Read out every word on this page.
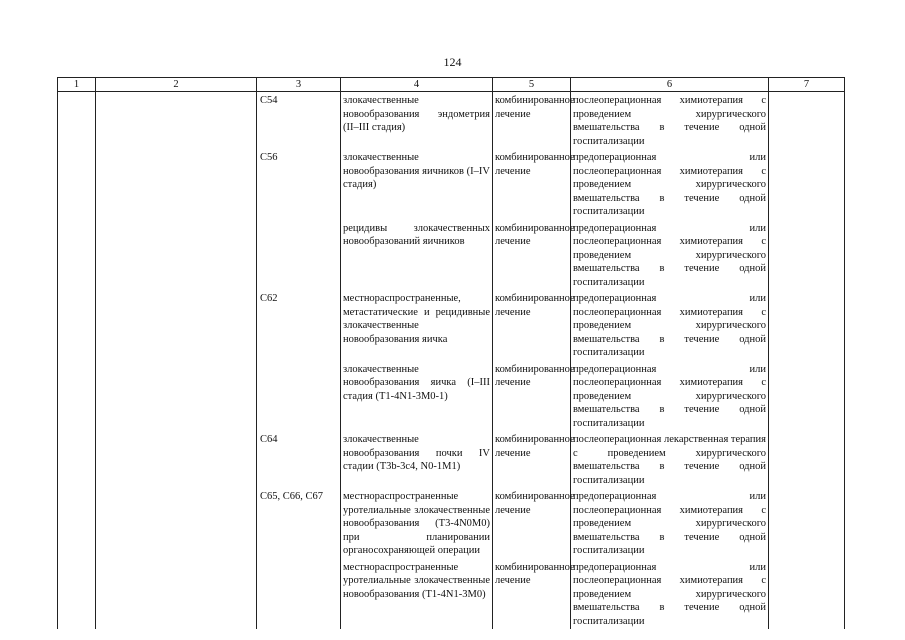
124
1	2	3	4	5	6	7
		C54	злокачественные новообразования эндометрия (II–III стадия)	комбинированное лечение	послеоперационная химиотерапия с проведением хирургического вмешательства в течение одной госпитализации	
		C56	злокачественные новообразования яичников (I–IV стадия)	комбинированное лечение	предоперационная или послеоперационная химиотерапия с проведением хирургического вмешательства в течение одной госпитализации	
			рецидивы злокачественных новообразований яичников	комбинированное лечение	предоперационная или послеоперационная химиотерапия с проведением хирургического вмешательства в течение одной госпитализации	
		C62	местнораспространенные, метастатические и рецидивные злокачественные новообразования яичка	комбинированное лечение	предоперационная или послеоперационная химиотерапия с проведением хирургического вмешательства в течение одной госпитализации	
			злокачественные новообразования яичка (I–III стадия (T1-4N1-3M0-1)	комбинированное лечение	предоперационная или послеоперационная химиотерапия с проведением хирургического вмешательства в течение одной госпитализации	
		C64	злокачественные новообразования почки IV стадии (T3b-3c4, N0-1M1)	комбинированное лечение	послеоперационная лекарственная терапия с проведением хирургического вмешательства в течение одной госпитализации	
		C65, C66, C67	местнораспространенные уротелиальные злокачественные новообразования (T3-4N0M0) при планировании органосохраняющей операции	комбинированное лечение	предоперационная или послеоперационная химиотерапия с проведением хирургического вмешательства в течение одной госпитализации	
			местнораспространенные уротелиальные злокачественные новообразования (T1-4N1-3M0)	комбинированное лечение	предоперационная или послеоперационная химиотерапия с проведением хирургического вмешательства в течение одной госпитализации	
